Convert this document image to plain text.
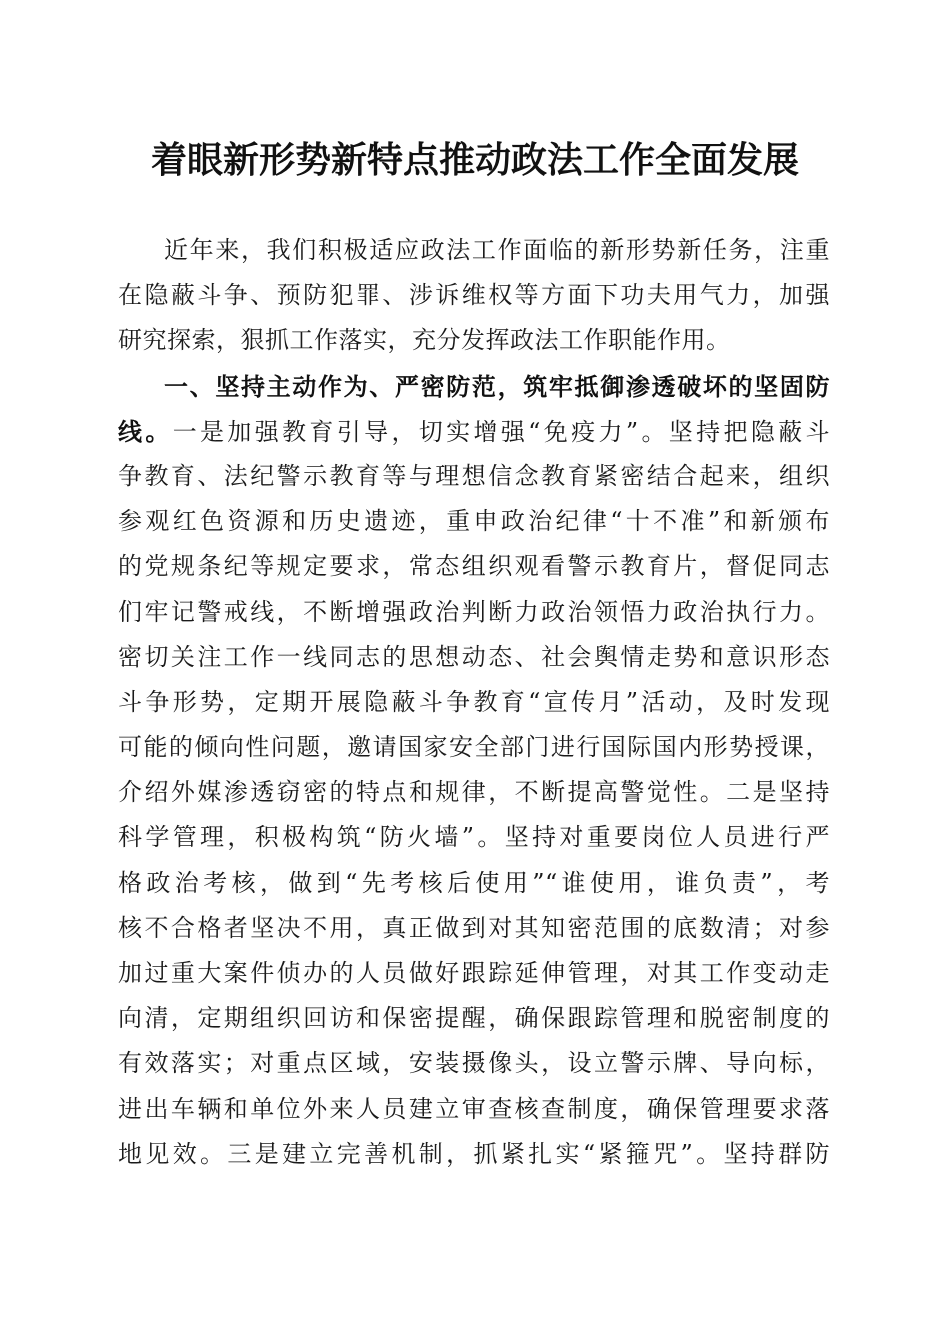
着眼新形势新特点推动政法工作全面发展
近年来，我们积极适应政法工作面临的新形势新任务，注重
在隐蔽斗争、预防犯罪、涉诉维权等方面下功夫用气力，加强
研究探索，狠抓工作落实，充分发挥政法工作职能作用。
一、坚持主动作为、严密防范，筑牢抵御渗透破坏的坚固防
线。一是加强教育引导，切实增强“免疫力”。坚持把隐蔽斗
争教育、法纪警示教育等与理想信念教育紧密结合起来，组织
参观红色资源和历史遗迹，重申政治纪律“十不准”和新颁布
的党规条纪等规定要求，常态组织观看警示教育片，督促同志
们牢记警戒线，不断增强政治判断力政治领悟力政治执行力。
密切关注工作一线同志的思想动态、社会舆情走势和意识形态
斗争形势，定期开展隐蔽斗争教育“宣传月”活动，及时发现
可能的倾向性问题，邀请国家安全部门进行国际国内形势授课，
介绍外媒渗透窃密的特点和规律，不断提高警觉性。二是坚持
科学管理，积极构筑“防火墙”。坚持对重要岗位人员进行严
格政治考核，做到“先考核后使用”“谁使用，谁负责”，考
核不合格者坚决不用，真正做到对其知密范围的底数清；对参
加过重大案件侦办的人员做好跟踪延伸管理，对其工作变动走
向清，定期组织回访和保密提醒，确保跟踪管理和脱密制度的
有效落实；对重点区域，安装摄像头，设立警示牌、导向标，
进出车辆和单位外来人员建立审查核查制度，确保管理要求落
地见效。三是建立完善机制，抓紧扎实“紧箍咒”。坚持群防
